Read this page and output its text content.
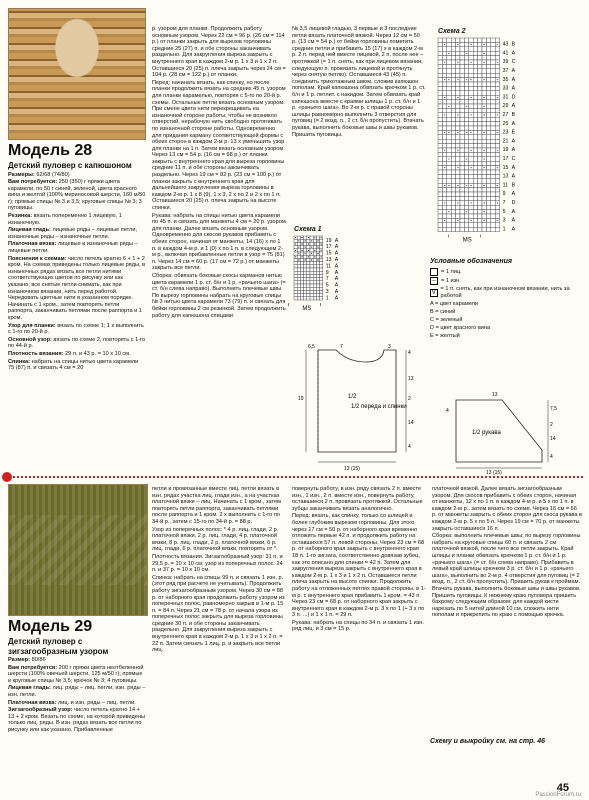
Модель 28

Детский пуловер с капюшоном

Размеры: 62/68 (74/80)

Вам потребуется: 250 (350) г пряжи цвета карамели, по 50 г синей, зеленой, цвета красного вина и желтой (100% мериносовой шерсти, 160 м/50 г); прямые спицы № 3 и 3,5; круговые спицы № 3; 3 пуговицы.

Резинка: вязать попеременно 1 лицевую, 1 изнаночную.

Лицевая гладь: лицевые ряды – лицевые петли, изнаночные ряды – изнаночные петли.

Платочная вязка: лицевые и изнаночные ряды – лицевые петли.

Пояснения к схемам: число петель кратно 6 + 1 + 2 кром. На схемах приведены только лицевые ряды, в изнаночных рядах вязать все петли нитями соответствующих цветов по рисунку или как указано; все снятые петли снимать, как при изнаночном вязании, нить перед работой. Чередовать цветные нити в указанном порядке. Начинать с 1 кром., затем повторять петли раппорта, заканчивать петлями после раппорта и 1 кром.

Узор для планки: вязать по схеме 1; 1 х выполнить с 1-го по 20-й р.

Основной узор: вязать по схеме 2, повторять с 1-го по 44-й р.

Плотность вязания: 29 п. и 43 р. = 10 х 10 см.

Спинка: набрать на спицы нитью цвета карамели 75 (87) п. и связать 4 см = 20

р. узором для планки. Продолжить работу основным узором. Через 22 см = 96 р. (26 см = 114 р.) от планки закрыть для вырезов горловины средние 25 (27) п. и обе стороны заканчивать раздельно. Для закругления выреза закрыть с внутреннего края в каждом 2-м р. 1 х 3 и 1 х 2 п. Оставшиеся 20 (25) п. плеча закрыть через 24 см = 104 р. (28 см = 122 р.) от планки.

Перед: начинать вязать, как спинку, но после планки продолжить вязать на средних 45 п. узором для планки карамелью, повторяя с 5-го по 20-й р. схемы. Остальные петли вязать основным узором. При смене цвета нити перекрещивать на изнаночной стороне работы, чтобы не возникло отверстий, нерабочую нить свободно протягивать по изнаночной стороне работы. Одновременно для придания карману соответствующей формы с обеих сторон в каждом 2-м р. 13 х уменьшить узор для планки на 1 п. Затем вязать основным узором. Через 13 см = 54 р. (16 см = 68 р.) от планки закрыть с внутреннего края для выреза горловины средние 11 п. и обе стороны заканчивать раздельно. Через 19 см = 82 р. (23 см = 100 р.) от планки закрыть с внутреннего края для дальнейшего закругления выреза горловины в каждом 2-м р. 1 х 8 (9), 1 х 3, 2 х по 2 и 2 х по 1 п. Оставшиеся 20 (25) п. плеча закрыть на высоте спинки.

Рукава: набрать на спицы нитью цвета карамели по 45 п. и связать для манжеты 4 см = 20 р. узором для планки. Далее вязать основным узором. Одновременно для скосов рукавов прибавить с обеих сторон, начиная от манжеты, 14 (16) х по 1 п. в каждом 4-м р. и 1 (0) х по 1 п. в следующем 2-м р., включая прибавленные петли в узор = 75 (81) п. Через 14 см = 60 р. (17 см = 72 р.) от манжеты закрыть все петли.

Сборка: обвязать боковые скосы карманов нитью цвета карамели 1 р. ст. б/н и 1 р. «рачьего шага» (= ст. б/н слева направо). Выполнить плечевые швы. По вырезу горловины набрать на круговые спицы № 3 нитью цвета карамели 73 (79) п. и связать для бейки горловины 2 см резинкой. Затем продолжить работу для капюшона спицами

№ 3,5 лицевой гладью, 3 первые и 3 последние петли вязать платочной вязкой. Через 12 см = 50 р. (13 см = 54 р.) от бейки горловины пометить средние петли и прибавить 15 (17) х в каждом 2-м р. 2 п. перед ней вместе лицевой, 2 п. после нее – протяжкой (= 1 п. снять, как при лицевом вязании, следующую п. провязать лицевой и протянуть через снятую петлю). Оставшиеся 43 (45) п. соединить трикотажным швом, сложив капюшон пополам. Край капюшона обвязать крючком 1 р. ст. б/н и 1 р. петлит. с накидом. Затем обвязать край капюшона вместе с краями шлицы 1 р. ст. б/н и 1 р. «рачьего шага». Во 2-м р. с правой стороны шлицы равномерно выполнить 3 отверстия для пуговиц (= 2 возд. п., 2 ст. б/н пропустить). Втачать рукава, выполнить боковые швы и швы рукавов. Пришить пуговицы.

Схема 1
19 A
17 A
15 A
13 A
11 A
9 A
7 A
5 A
3 A
1 A
MS
Схема 2
43 B
41 A
39 C
37 A
35 A
33 A
31 D
29 A
27 B
25 A
23 E
21 A
19 A
17 C
15 A
13 A
11 B
9 A
7 D
5 A
3 A
1 A
MS
Условные обозначения
= 1 лиц.
– = 1 изн.
V
= 1 п. снять, как при изнаночном вязании, нить за работой
A = цвет карамели
B = синий
C = зеленый
D = цвет красного вина
E = желтый
1/2 переда и спинки
6,5	7	3
4
13
2
19
4
14
1/2
13 (15)
1/2 рукава
4
13 (15)
4
7,5
2
14
13

Модель 29

Детский пуловер с зигзагообразным узором

Размер: 80/86

Вам потребуется: 200 г пряжи цвета неотбеленной шерсти (100% овечьей шерсти, 125 м/50 г); прямые и круговые спицы № 3,5; крючок № 3; 4 пуговицы.

Лицевая гладь: лиц. ряды – лиц. петли, изн. ряды – изн. петли.

Платочная вязка: лиц. и изн. ряды – лиц. петли.

Зигзагообразный узор: число петель кратно 14 + 13 + 2 кром. Вязать по схеме, на которой приведены только лиц. ряды. В изн. рядах вязать все петли по рисунку или как указано. Прибавленные

петли и провязанные вместе лиц. петли вязать в изн. рядах участка лиц. глади изн., а на участках платочной вязки – лиц. Начинать с 1 кром., затем повторять петли раппорта, заканчивать петлями после раппорта и 1 кром. 2 х выполнить с 1-го по 34-й р., затем с 15-го по 34-й р. = 88 р.

Узор из поперечных полос: * 4 р. лиц. глади, 2 р. платочной вязки, 2 р. лиц. глади, 4 р. платочной вязки, 8 р. лиц. глади, 2 р. платочной вязки, 6 р. лиц. глади, 6 р. платочной вязки, повторять от *.

Плотность вязания. Зигзагообразный узор: 31 п. и 29,5 р. = 10 х 10 см; узор из поперечных полос: 24 п. и 37 р. = 10 х 10 см.

Спинка: набрать на спицы 99 п. и связать 1 изн. р. (этот ряд при расчете не учитывать). Продолжить работу зигзагообразным узором. Через 30 см = 88 р. от наборного края продолжить работу узором из поперечных полос, равномерно закрыв в 1-м р. 15 п. = 84 п. Через 21 см = 78 р. от начала узора из поперечных полос закрыть для выреза горловины средние 30 п. и обе стороны заканчивать раздельно. Для закругления выреза закрыть с внутреннего края в каждом 2-м р. 1 х 3 и 1 х 2 п. = 22 п. Затем связать 1 лиц. р. и закрыть все петли лиц.

повернуть работу, в изн. ряду связать 2 п. вместе изн., 1 изн., 2 п. вместе изн., повернуть работу, оставшиеся 2 п. провязать протяжкой. Остальные зубцы заканчивать вязать аналогично.

Перед: вязать, как спинку, только со шлицей и более глубоким вырезом горловины. Для этого через 17 см = 50 р. от наборного края временно отложить первые 42 п. и продолжить работу на оставшихся 57 п. левой стороны. Через 23 см = 68 р. от наборного края закрыть с внутреннего края 18 п. 1-го зигзага, соответственно довязав зубец, как это описано для спинки = 42 п. Затем для закругления выреза закрыть с внутреннего края в каждом 2-м р. 1 х 3 и 1 х 2 п. Оставшиеся петли плеча закрыть на высоте спинки. Продолжить работу на отложенных петлях правой стороны, в 1-м р. с внутреннего края прибавить 1 кром. = 43 п. Через 23 см = 68 р. от наборного края закрыть с внутреннего края в каждом 2-м р. 3 х по 1 (+ 3 х по 3 п. ...) и 1 х 1 п. = 29 п.

Рукава: набрать на спицы по 34 п. и связать 1 изн. ряд лиц. и 3 см = 15 р.

платочной вязкой. Далее вязать зигзагообразным узором. Для скосов прибавить с обеих сторон, начиная от манжеты, 12 х по 1 п. в каждом 4-м р. и 5 х по 1 п. в каждом 2-м р., затем вязать по схеме. Через 16 см = 66 р. от манжеты закрыть с обеих сторон для скоса рукава в каждом 2-м р. 5 х по 5 п. Через 19 см = 70 р. от манжеты закрыть оставшиеся 16 п.

Сборка: выполнить плечевые швы; по вырезу горловины набрать на круговые спицы 60 п. и связать 2 см платочной вязкой, после чего все петли закрыть. Край шлицы и планки обвязать крючком 1 р. ст. б/н и 1 р. «рачьего шага» (= ст. б/н слева направо). Прибавить в левый край шлицы крючком 3 р. ст. б/н и 1 р. «рачьего шага», выполнить во 2-м р. 4 отверстия для пуговиц (= 2 возд. п., 2 ст. б/н пропустить). Пришить рукав к проймам. Втачать рукава, выполнить боковые швы и швы рукавов. Пришить пуговицы. К нижнему краю пуловера пришить бахрому следующим образом: для каждой кисти нарезать по 5 нитей длиной 10 см, сложить нити пополам и прикрепить по краю с помощью крючка.

Схему и выкройку см. на стр. 46
45
PassionForum.ru
